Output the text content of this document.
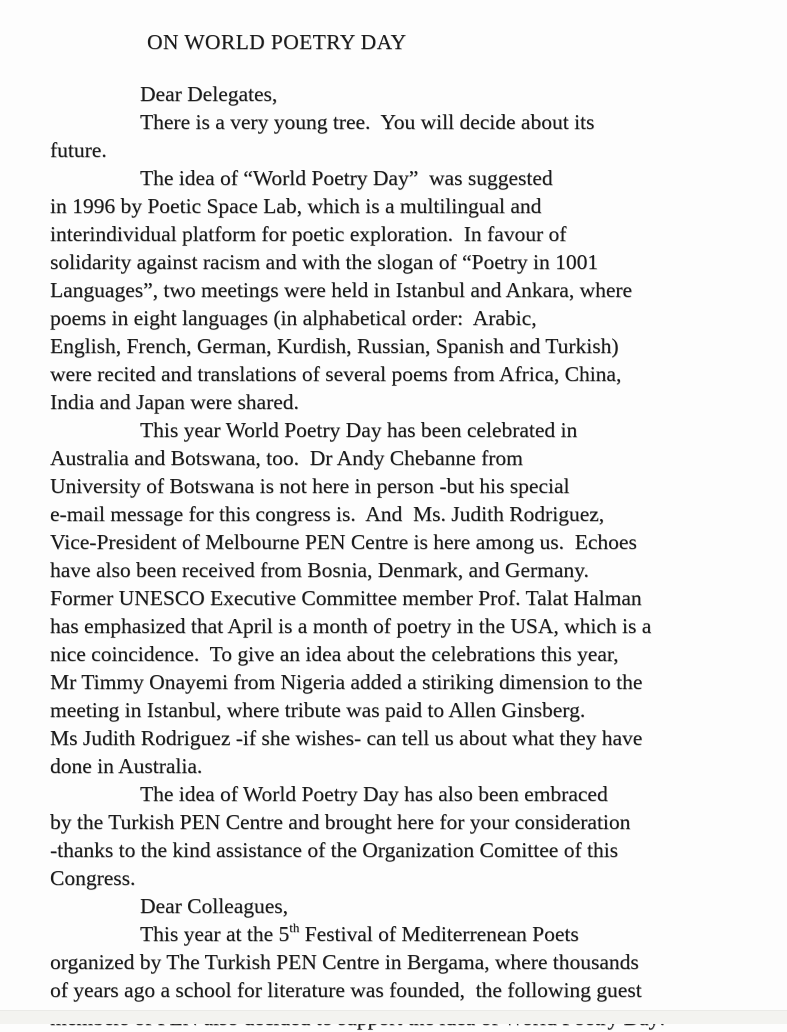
ON WORLD POETRY DAY
Dear Delegates,
There is a very young tree.  You will decide about its
future.
The idea of “World Poetry Day”  was suggested
in 1996 by Poetic Space Lab, which is a multilingual and
interindividual platform for poetic exploration.  In favour of
solidarity against racism and with the slogan of “Poetry in 1001
Languages”, two meetings were held in Istanbul and Ankara, where
poems in eight languages (in alphabetical order:  Arabic,
English, French, German, Kurdish, Russian, Spanish and Turkish)
were recited and translations of several poems from Africa, China,
India and Japan were shared.
This year World Poetry Day has been celebrated in
Australia and Botswana, too.  Dr Andy Chebanne from
University of Botswana is not here in person -but his special
e-mail message for this congress is.  And  Ms. Judith Rodriguez,
Vice-President of Melbourne PEN Centre is here among us.  Echoes
have also been received from Bosnia, Denmark, and Germany.
Former UNESCO Executive Committee member Prof. Talat Halman
has emphasized that April is a month of poetry in the USA, which is a
nice coincidence.  To give an idea about the celebrations this year,
Mr Timmy Onayemi from Nigeria added a stiriking dimension to the
meeting in Istanbul, where tribute was paid to Allen Ginsberg.
Ms Judith Rodriguez -if she wishes- can tell us about what they have
done in Australia.
The idea of World Poetry Day has also been embraced
by the Turkish PEN Centre and brought here for your consideration
-thanks to the kind assistance of the Organization Comittee of this
Congress.
Dear Colleagues,
This year at the 5th Festival of Mediterrenean Poets
organized by The Turkish PEN Centre in Bergama, where thousands
of years ago a school for literature was founded,  the following guest
